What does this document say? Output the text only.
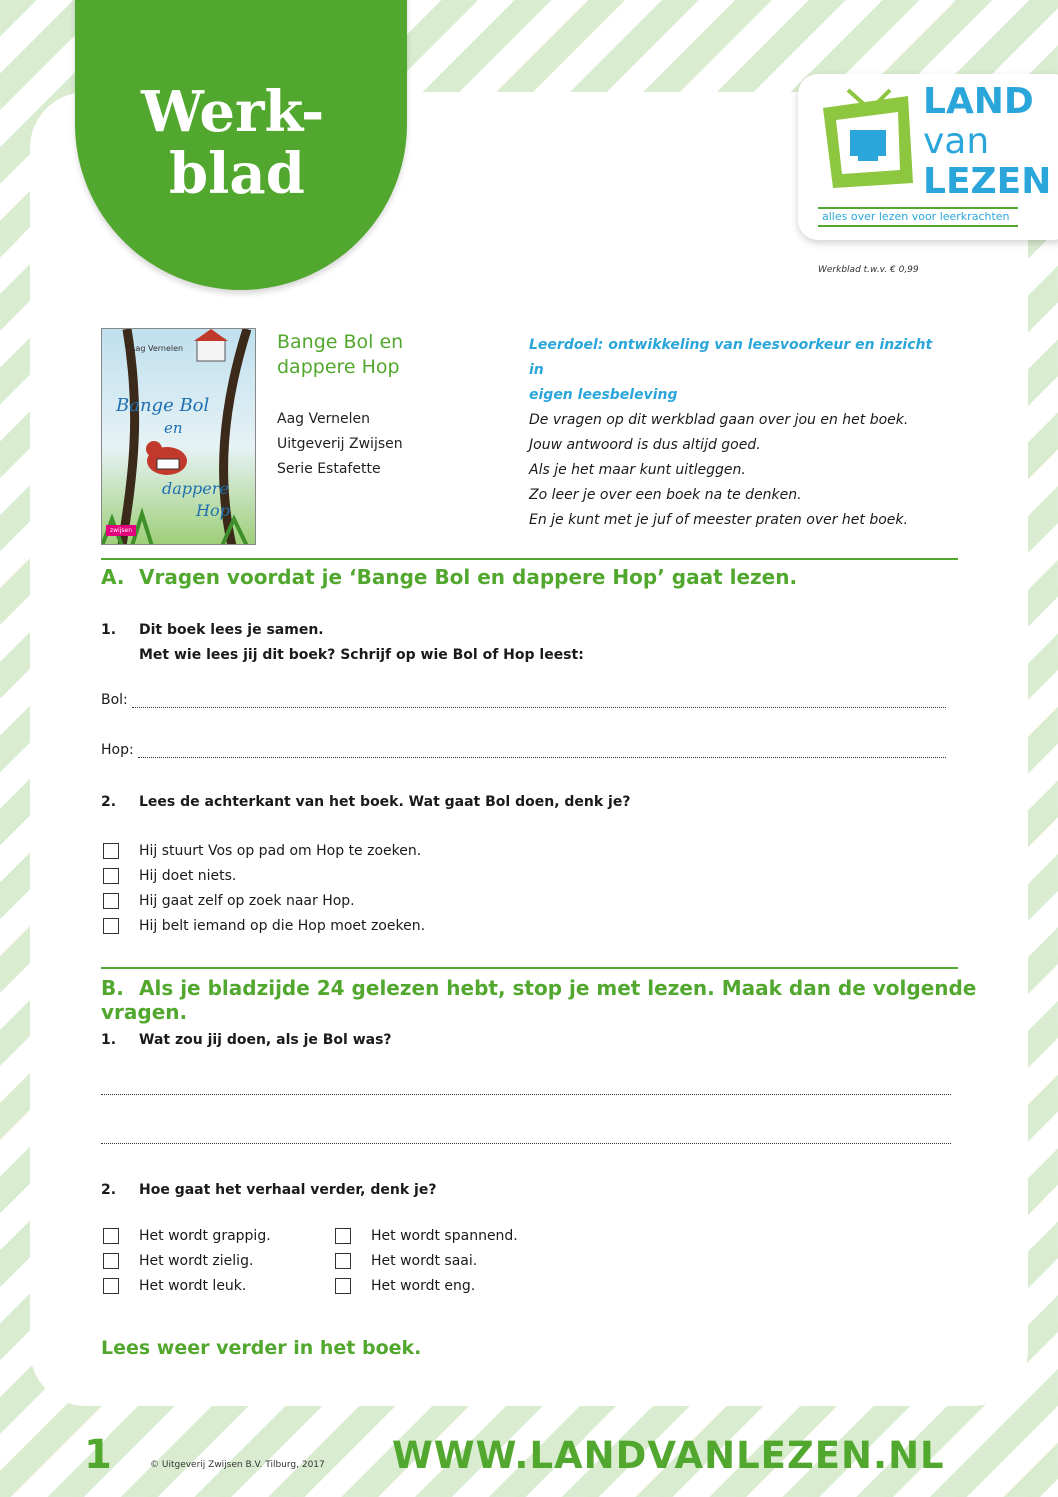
Werk-
blad
LAND
van
LEZEN
alles over lezen voor leerkrachten
Werkblad t.w.v. € 0,99
Aag Vernelen
Bange Bol
en
dappere
Hop
zwijsen
Bange Bol en
dappere Hop
Aag Vernelen
Uitgeverij Zwijsen
Serie Estafette
Leerdoel: ontwikkeling van leesvoorkeur en inzicht in
eigen leesbeleving
De vragen op dit werkblad gaan over jou en het boek.
Jouw antwoord is dus altijd goed.
Als je het maar kunt uitleggen.
Zo leer je over een boek na te denken.
En je kunt met je juf of meester praten over het boek.
A. Vragen voordat je ‘Bange Bol en dappere Hop’ gaat lezen.
1. Dit boek lees je samen.
Met wie lees jij dit boek? Schrijf op wie Bol of Hop leest:
Bol:
Hop:
2. Lees de achterkant van het boek. Wat gaat Bol doen, denk je?
Hij stuurt Vos op pad om Hop te zoeken.
Hij doet niets.
Hij gaat zelf op zoek naar Hop.
Hij belt iemand op die Hop moet zoeken.
B. Als je bladzijde 24 gelezen hebt, stop je met lezen. Maak dan de volgende vragen.
1. Wat zou jij doen, als je Bol was?
2. Hoe gaat het verhaal verder, denk je?
Het wordt grappig.
Het wordt zielig.
Het wordt leuk.
Het wordt spannend.
Het wordt saai.
Het wordt eng.
Lees weer verder in het boek.
1	© Uitgeverij Zwijsen B.V. Tilburg, 2017 WWW.LANDVANLEZEN.NL
